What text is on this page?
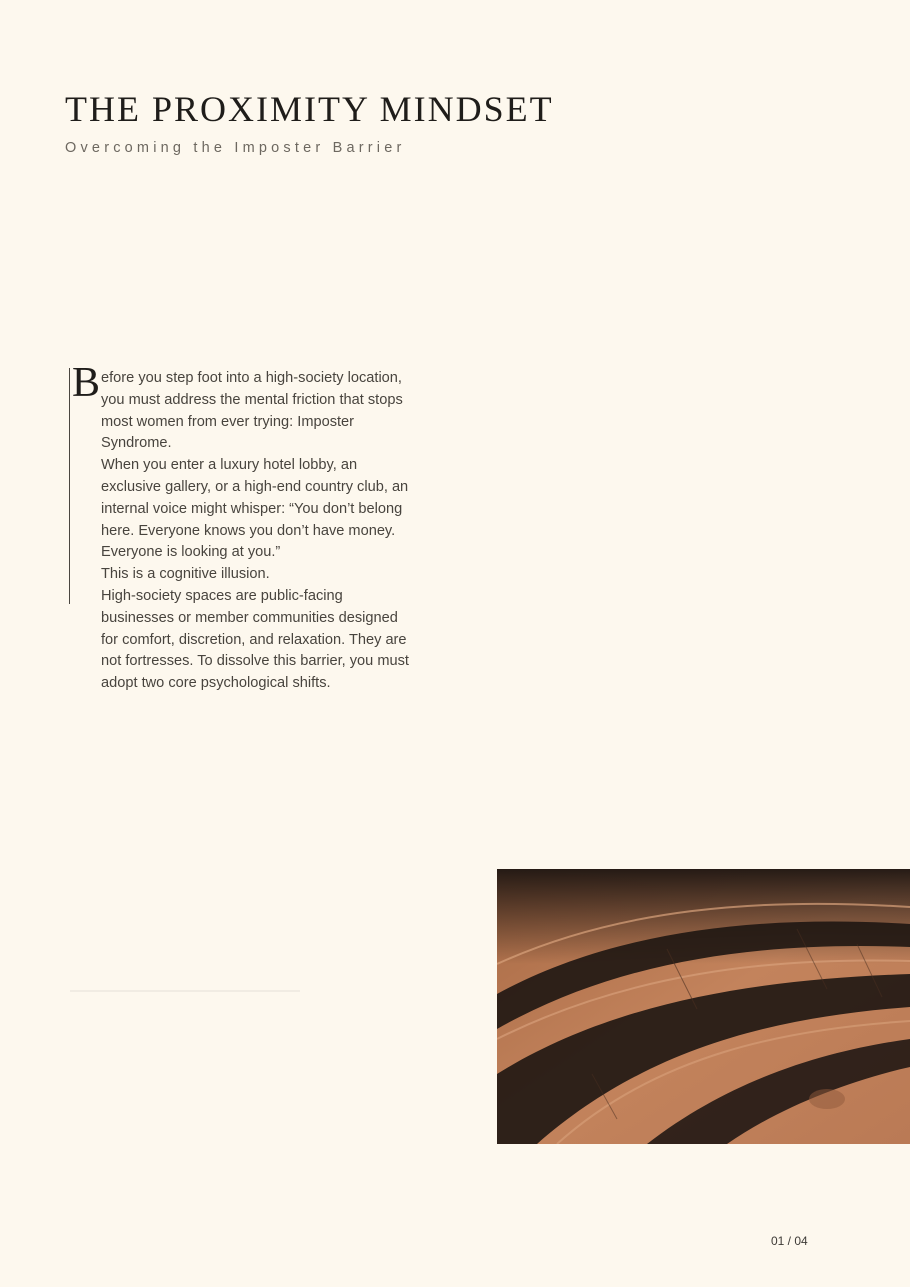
THE PROXIMITY MINDSET
Overcoming the Imposter Barrier
B efore you step foot into a high-society location, you must address the mental friction that stops most women from ever trying: Imposter Syndrome.

When you enter a luxury hotel lobby, an exclusive gallery, or a high-end country club, an internal voice might whisper: “You don’t belong here. Everyone knows you don’t have money. Everyone is looking at you.”

This is a cognitive illusion.

High-society spaces are public-facing businesses or member communities designed for comfort, discretion, and relaxation. They are not fortresses. To dissolve this barrier, you must adopt two core psychological shifts.

01 / 04
